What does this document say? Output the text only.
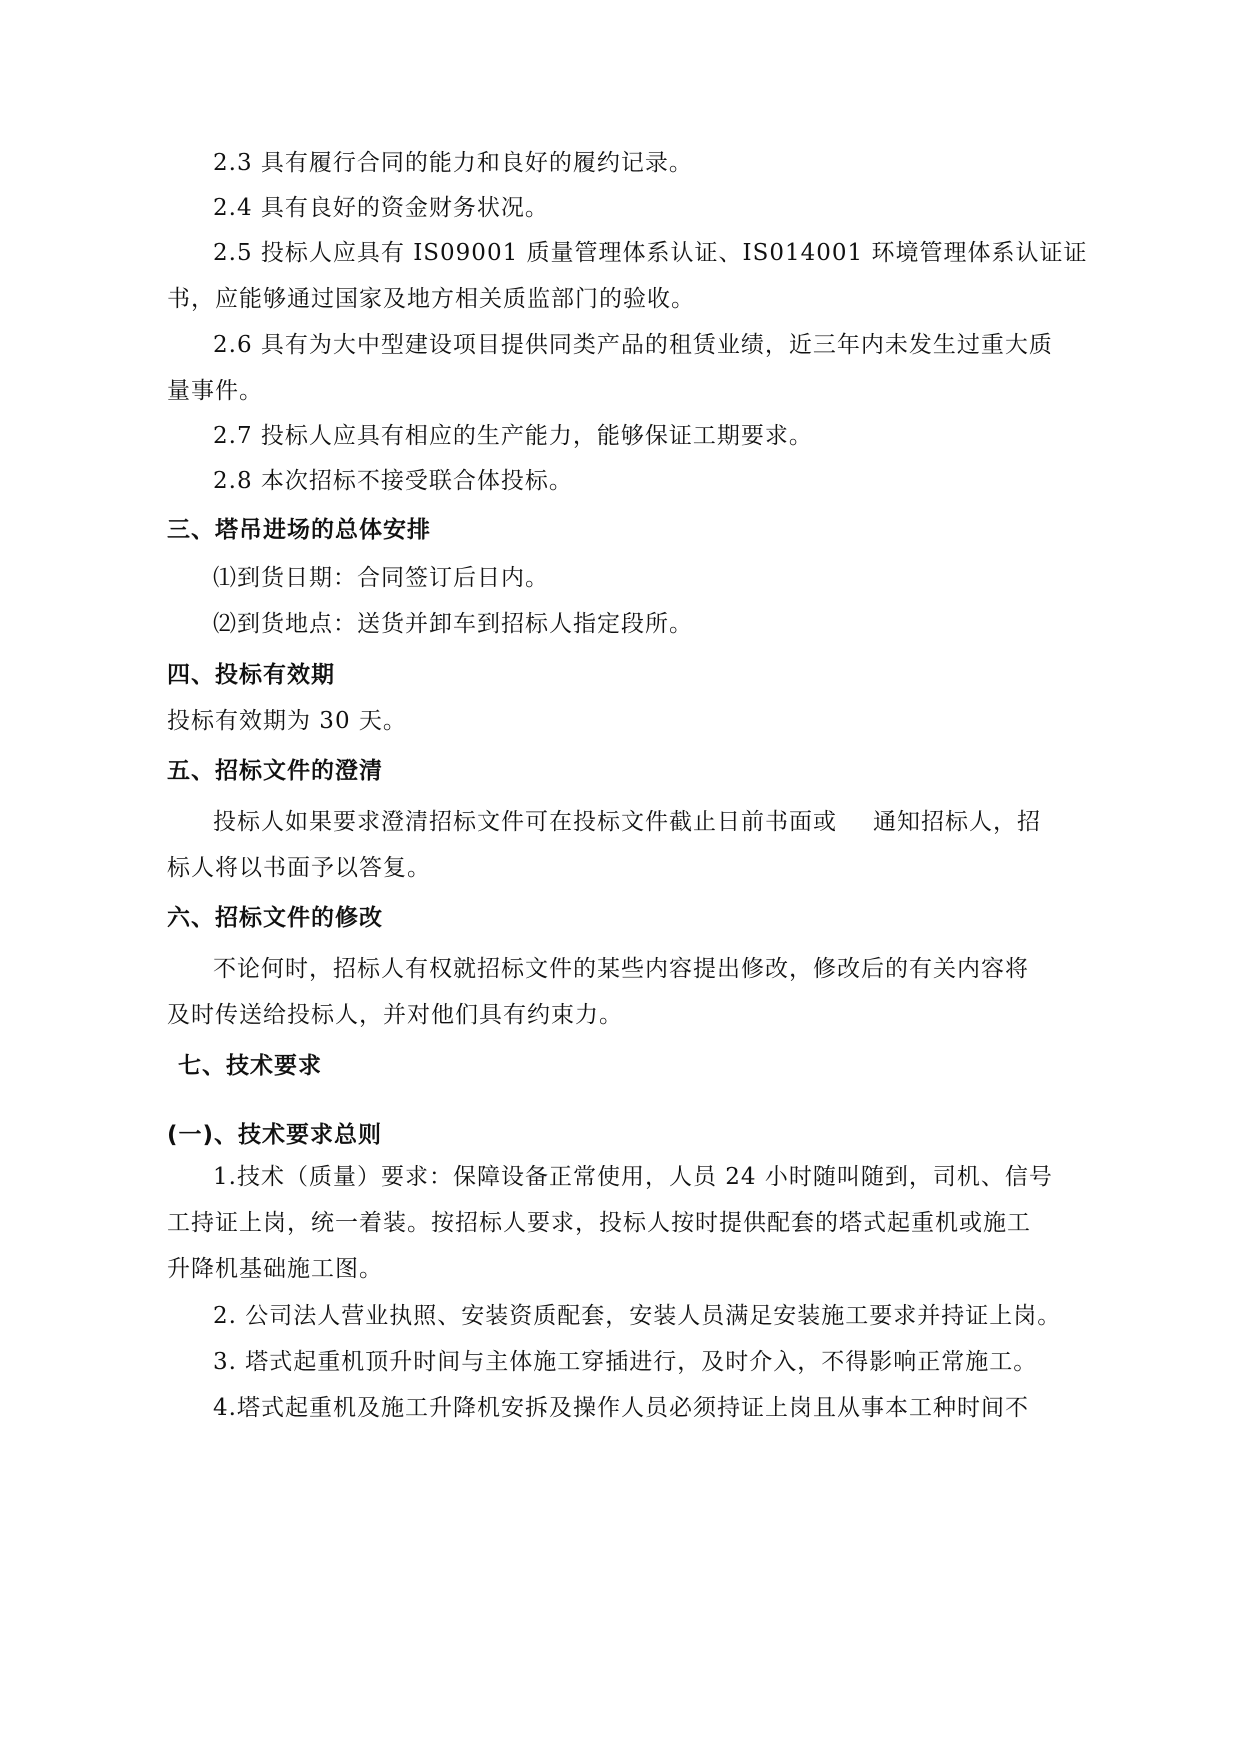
2.3 具有履行合同的能力和良好的履约记录。
2.4 具有良好的资金财务状况。
2.5 投标人应具有 IS09001 质量管理体系认证、IS014001 环境管理体系认证证
书，应能够通过国家及地方相关质监部门的验收。
2.6 具有为大中型建设项目提供同类产品的租赁业绩，近三年内未发生过重大质
量事件。
2.7 投标人应具有相应的生产能力，能够保证工期要求。
2.8 本次招标不接受联合体投标。
三、塔吊进场的总体安排
⑴到货日期：合同签订后日内。
⑵到货地点：送货并卸车到招标人指定段所。
四、投标有效期
投标有效期为 30 天。
五、招标文件的澄清
投标人如果要求澄清招标文件可在投标文件截止日前书面或 通知招标人，招
标人将以书面予以答复。
六、招标文件的修改
不论何时，招标人有权就招标文件的某些内容提出修改，修改后的有关内容将
及时传送给投标人，并对他们具有约束力。
七、技术要求
(一)、技术要求总则
1.技术（质量）要求：保障设备正常使用，人员 24 小时随叫随到，司机、信号
工持证上岗，统一着装。按招标人要求，投标人按时提供配套的塔式起重机或施工
升降机基础施工图。
2. 公司法人营业执照、安装资质配套，安装人员满足安装施工要求并持证上岗。
3. 塔式起重机顶升时间与主体施工穿插进行，及时介入，不得影响正常施工。
4.塔式起重机及施工升降机安拆及操作人员必须持证上岗且从事本工种时间不
